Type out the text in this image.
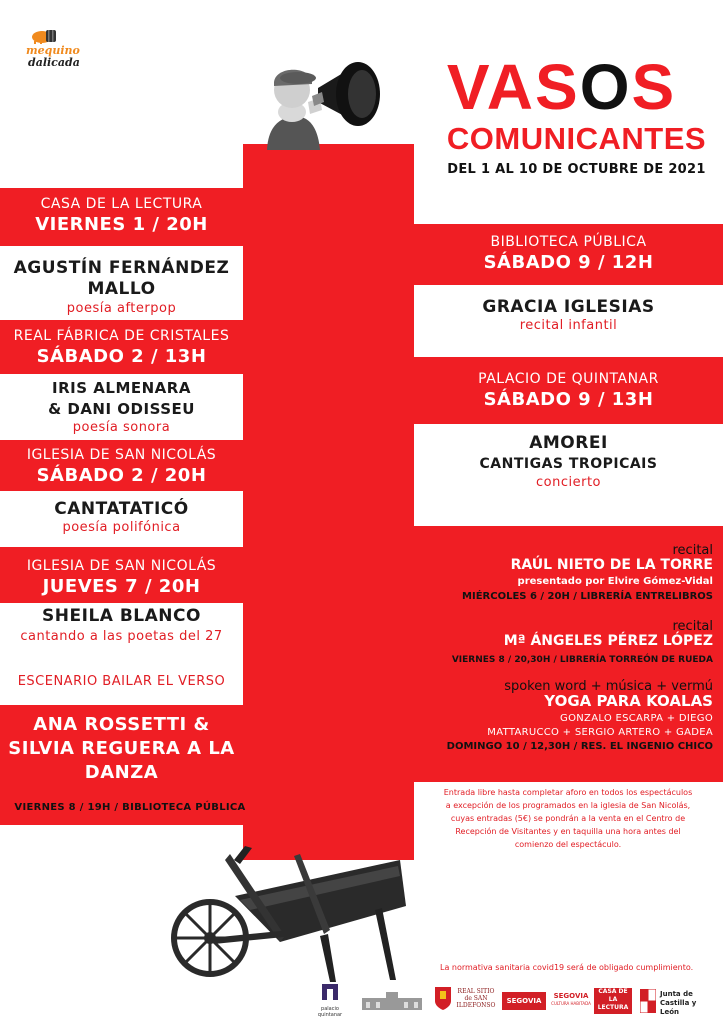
mequino
dalicada	VASOS
COMUNICANTES
DEL 1 AL 10 DE OCTUBRE DE 2021
CASA DE LA LECTURA
VIERNES 1 / 20H
AGUSTÍN FERNÁNDEZ
MALLO
poesía afterpop
REAL FÁBRICA DE CRISTALES
SÁBADO 2 / 13H
IRIS ALMENARA
& DANI ODISSEU
poesía sonora
IGLESIA DE SAN NICOLÁS
SÁBADO 2 / 20H
CANTATATICÓ
poesía polifónica
IGLESIA DE SAN NICOLÁS
JUEVES 7 / 20H
SHEILA BLANCO
cantando a las poetas del 27
ESCENARIO BAILAR EL VERSO
ANA ROSSETTI &
SILVIA REGUERA A LA
DANZA
VIERNES 8 / 19H / BIBLIOTECA PÚBLICA
BIBLIOTECA PÚBLICA
SÁBADO 9 / 12H
GRACIA IGLESIAS
recital infantil
PALACIO DE QUINTANAR
SÁBADO 9 / 13H
AMOREI
CANTIGAS TROPICAIS
concierto
recital
RAÚL NIETO DE LA TORRE
presentado por Elvire Gómez-Vidal
MIÉRCOLES 6 / 20H / LIBRERÍA ENTRELIBROS
recital
Mª ÁNGELES PÉREZ LÓPEZ
VIERNES 8 / 20,30H / LIBRERÍA TORREÓN DE RUEDA
spoken word + música + vermú
YOGA PARA KOALAS
GONZALO ESCARPA + DIEGO
MATTARUCCO + SERGIO ARTERO + GADEA
DOMINGO 10 / 12,30H / RES. EL INGENIO CHICO
Entrada libre hasta completar aforo en todos los espectáculos
a excepción de los programados en la iglesia de San Nicolás,
cuyas entradas (5€) se pondrán a la venta en el Centro de
Recepción de Visitantes y en taquilla una hora antes del
comienzo del espectáculo.
La normativa sanitaria covid19 será de obligado cumplimiento.
palacio quintanar
REAL SITIO de SAN ILDEFONSO
SEGOVIA
SEGOVIA
CULTURA HABITADA
CASA DE LA LECTURA
Junta de Castilla y León
